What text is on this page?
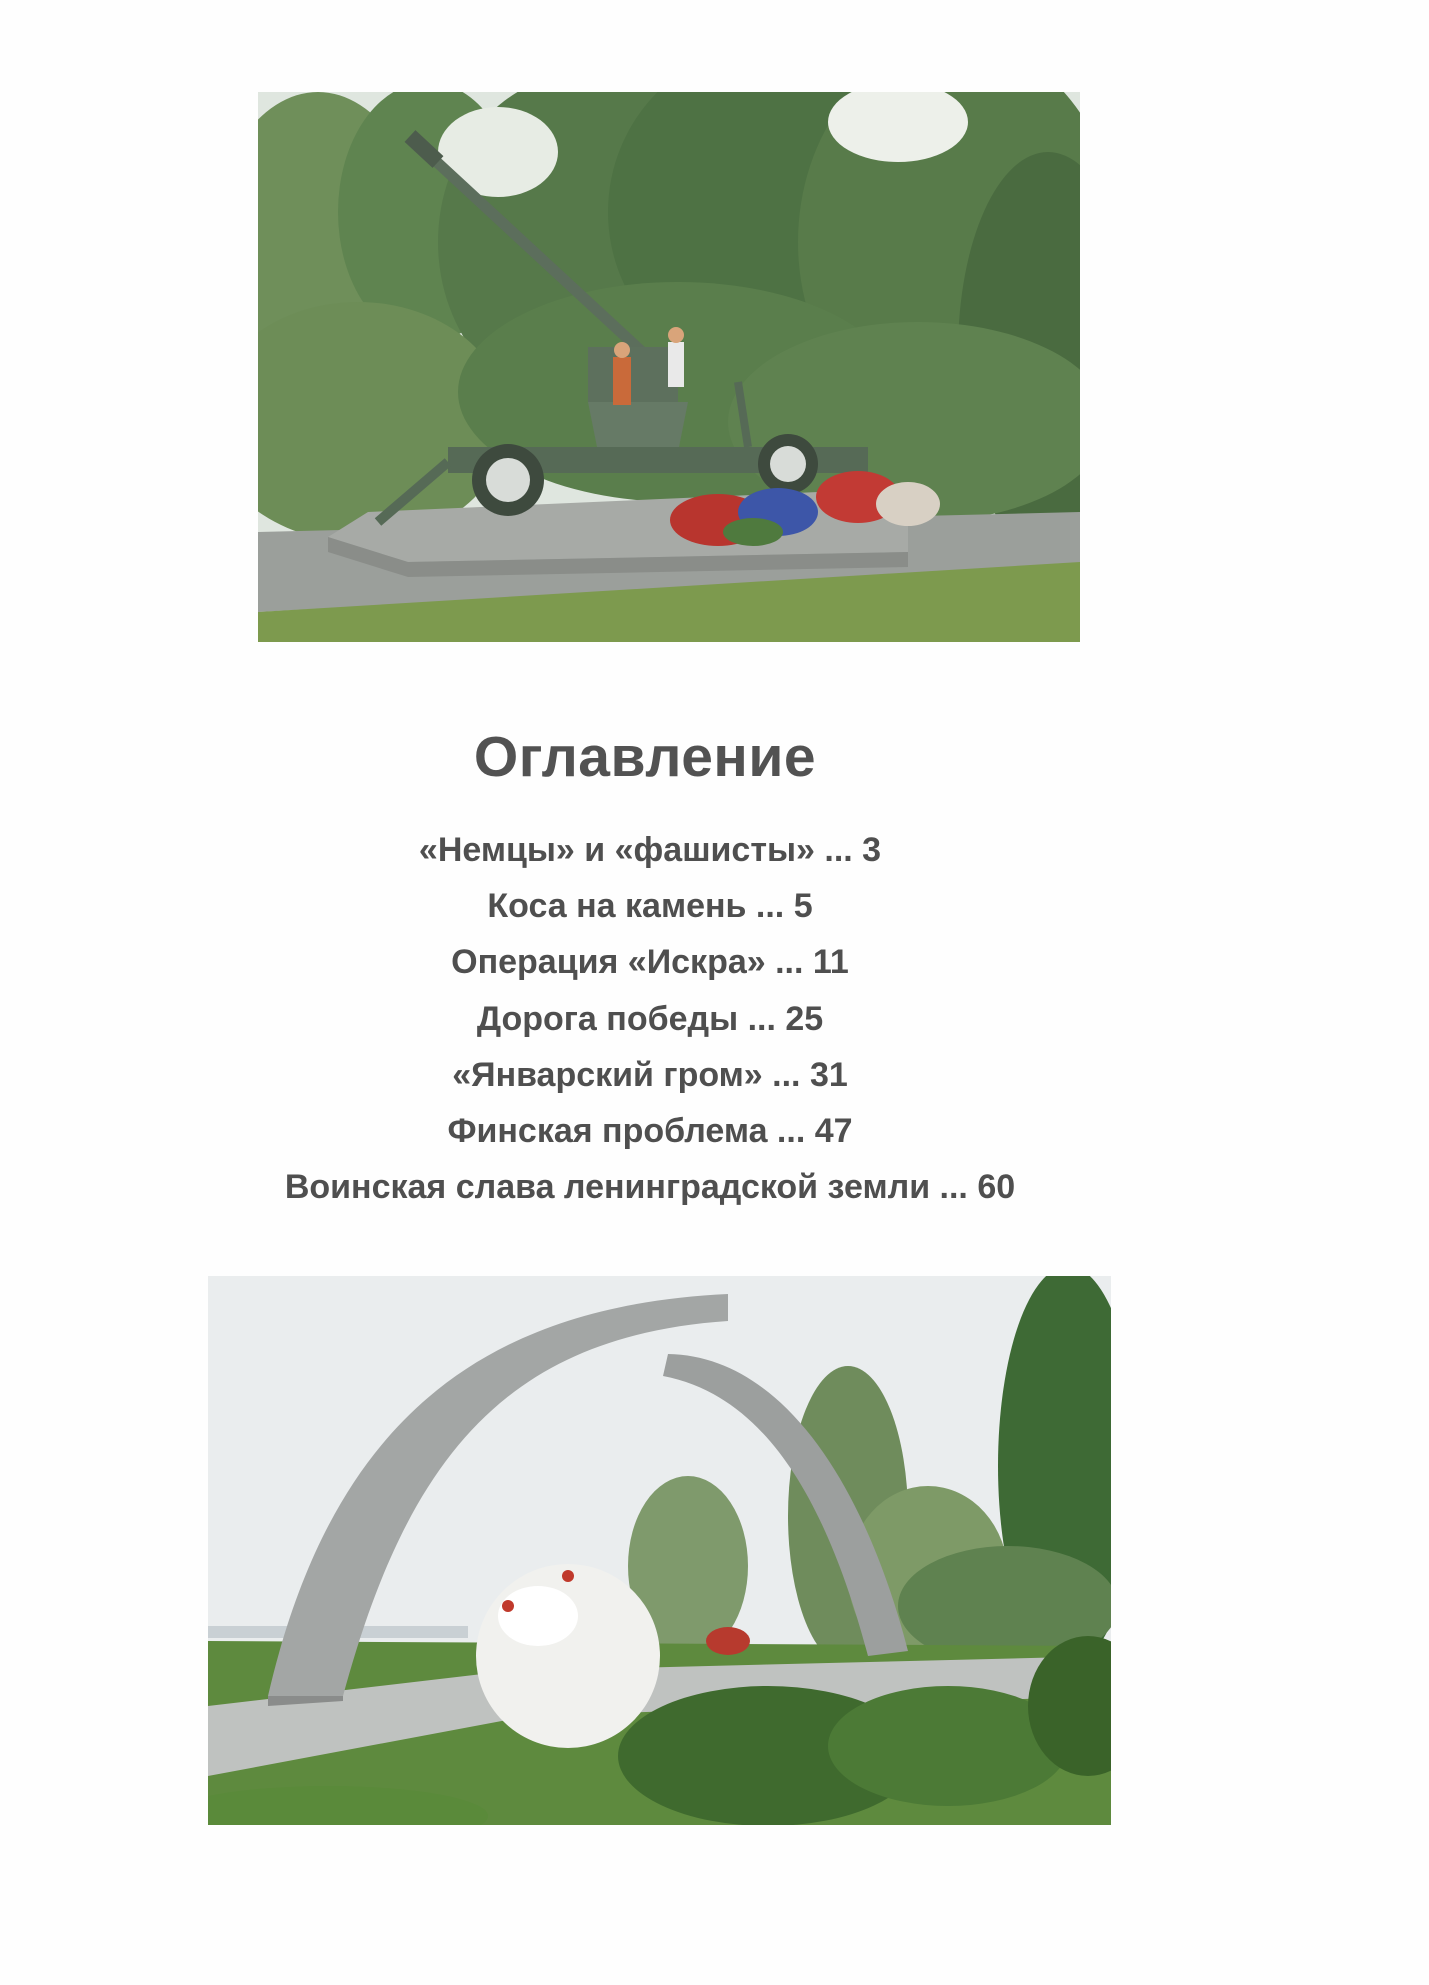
Оглавление
«Немцы» и «фашисты» ... 3
Коса на камень ... 5
Операция «Искра» ... 11
Дорога победы ... 25
«Январский гром» ... 31
Финская проблема ... 47
Воинская слава ленинградской земли ... 60
